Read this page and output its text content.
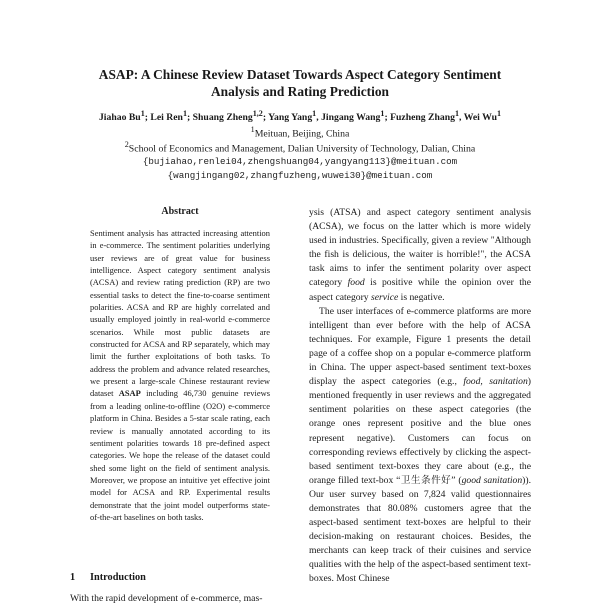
ASAP: A Chinese Review Dataset Towards Aspect Category Sentiment
Analysis and Rating Prediction
Jiahao Bu$^1$; Lei Ren$^1$; Shuang Zheng$^{1,2}$; Yang Yang$^1$, Jingang Wang$^1$; Fuzheng Zhang$^1$, Wei Wu$^1$
$^1$Meituan, Beijing, China
$^2$School of Economics and Management, Dalian University of Technology, Dalian, China
{bujiahao,renlei04,zhengshuang04,yangyang113}@meituan.com
{wangjingang02,zhangfuzheng,wuwei30}@meituan.com
Abstract

Sentiment analysis has attracted increasing attention in e-commerce. The sentiment polarities underlying user reviews are of great value for business intelligence. Aspect category sentiment analysis (ACSA) and review rating prediction (RP) are two essential tasks to detect the fine-to-coarse sentiment polarities. ACSA and RP are highly correlated and usually employed jointly in real-world e-commerce scenarios. While most public datasets are constructed for ACSA and RP separately, which may limit the further exploitations of both tasks. To address the problem and advance related researches, we present a large-scale Chinese restaurant review dataset ASAP including 46,730 genuine reviews from a leading online-to-offline (O2O) e-commerce platform in China. Besides a 5-star scale rating, each review is manually annotated according to its sentiment polarities towards 18 pre-defined aspect categories. We hope the release of the dataset could shed some light on the field of sentiment analysis. Moreover, we propose an intuitive yet effective joint model for ACSA and RP. Experimental results demonstrate that the joint model outperforms state-of-the-art baselines on both tasks.

1 Introduction
With the rapid development of e-commerce, mas-

ysis (ATSA) and aspect category sentiment analysis (ACSA), we focus on the latter which is more widely used in industries. Specifically, given a review "Although the fish is delicious, the waiter is horrible!", the ACSA task aims to infer the sentiment polarity over aspect category food is positive while the opinion over the aspect category service is negative.

The user interfaces of e-commerce platforms are more intelligent than ever before with the help of ACSA techniques. For example, Figure 1 presents the detail page of a coffee shop on a popular e-commerce platform in China. The upper aspect-based sentiment text-boxes display the aspect categories (e.g., food, sanitation) mentioned frequently in user reviews and the aggregated sentiment polarities on these aspect categories (the orange ones represent positive and the blue ones represent negative). Customers can focus on corresponding reviews effectively by clicking the aspect-based sentiment text-boxes they care about (e.g., the orange filled text-box “卫生条件好” (good sanitation)). Our user survey based on 7,824 valid questionnaires demonstrates that 80.08% customers agree that the aspect-based sentiment text-boxes are helpful to their decision-making on restaurant choices. Besides, the merchants can keep track of their cuisines and service qualities with the help of the aspect-based sentiment text-boxes. Most Chinese
